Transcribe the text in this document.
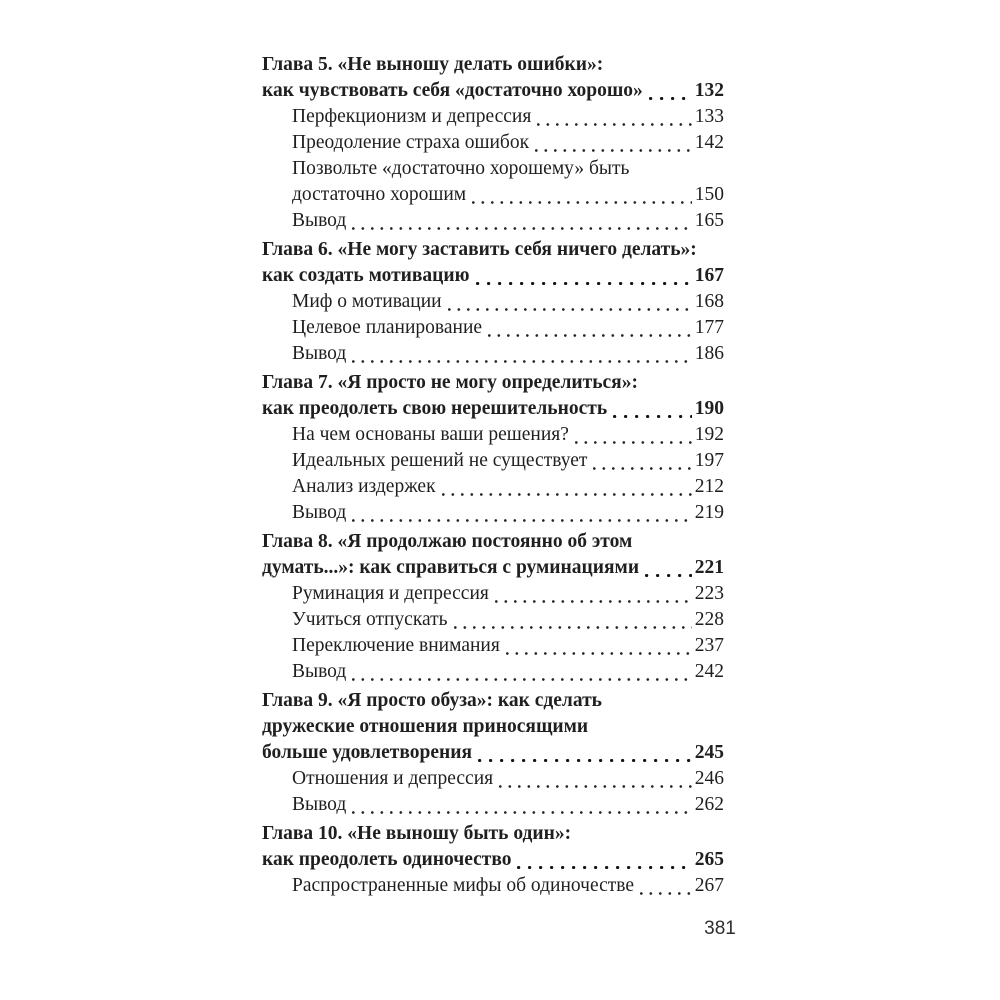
Глава 5. «Не выношу делать ошибки»:
как чувствовать себя «достаточно хорошо»	132
Перфекционизм и депрессия	133
Преодоление страха ошибок	142
Позвольте «достаточно хорошему» быть
достаточно хорошим	150
Вывод	165
Глава 6. «Не могу заставить себя ничего делать»:
как создать мотивацию	167
Миф о мотивации	168
Целевое планирование	177
Вывод	186
Глава 7. «Я просто не могу определиться»:
как преодолеть свою нерешительность	190
На чем основаны ваши решения?	192
Идеальных решений не существует	197
Анализ издержек	212
Вывод	219
Глава 8. «Я продолжаю постоянно об этом
думать...»: как справиться с руминациями	221
Руминация и депрессия	223
Учиться отпускать	228
Переключение внимания	237
Вывод	242
Глава 9. «Я просто обуза»: как сделать
дружеские отношения приносящими
больше удовлетворения	245
Отношения и депрессия	246
Вывод	262
Глава 10. «Не выношу быть один»:
как преодолеть одиночество	265
Распространенные мифы об одиночестве	267
381
